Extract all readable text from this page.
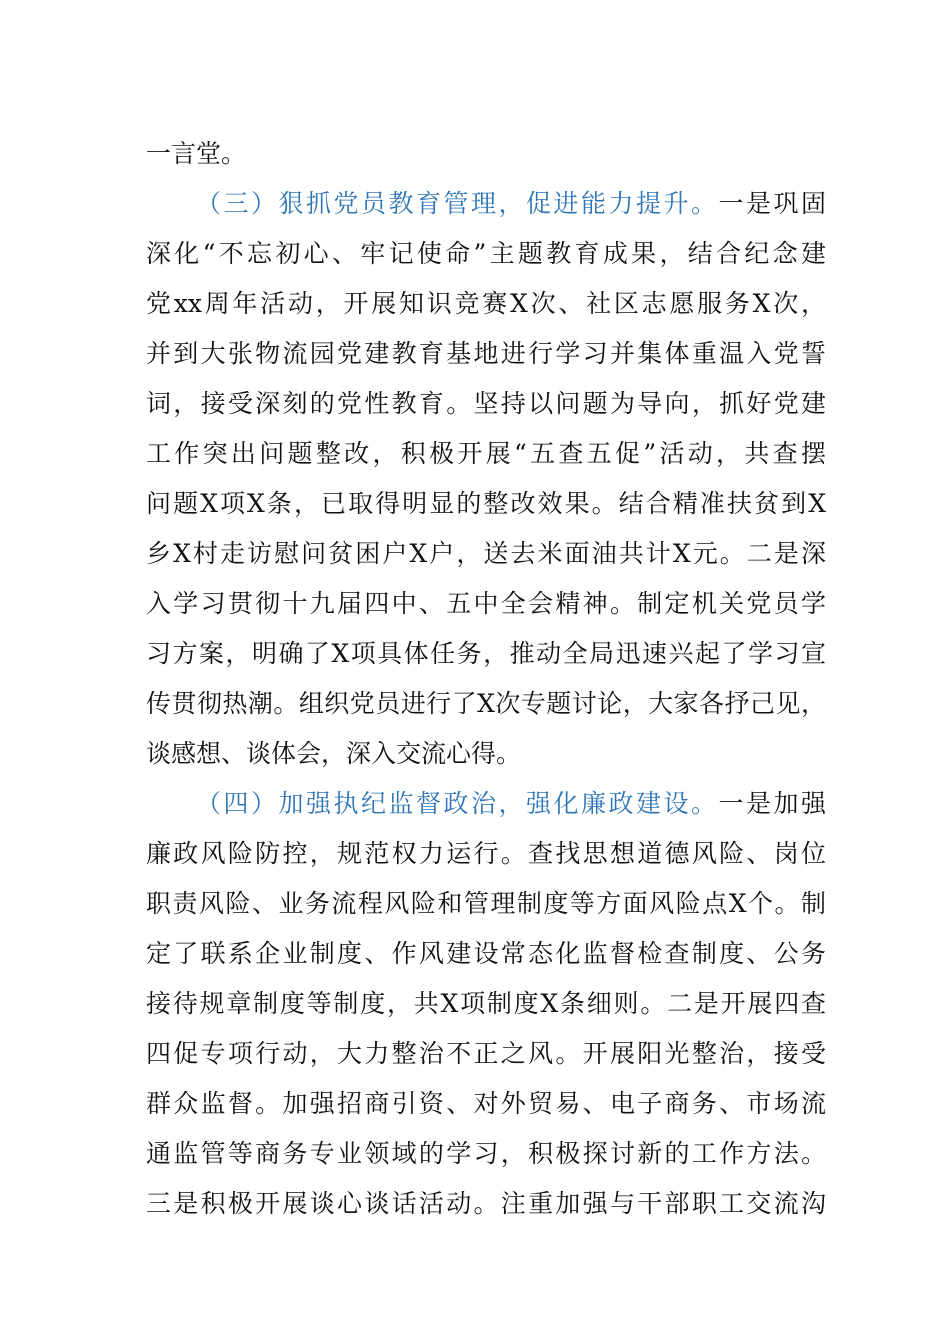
一言堂。
（三）狠抓党员教育管理，促进能力提升。一是巩固
深化“不忘初心、牢记使命”主题教育成果，结合纪念建
党xx周年活动，开展知识竞赛X次、社区志愿服务X次，
并到大张物流园党建教育基地进行学习并集体重温入党誓
词，接受深刻的党性教育。坚持以问题为导向，抓好党建
工作突出问题整改，积极开展“五查五促”活动，共查摆
问题X项X条，已取得明显的整改效果。结合精准扶贫到X
乡X村走访慰问贫困户X户，送去米面油共计X元。二是深
入学习贯彻十九届四中、五中全会精神。制定机关党员学
习方案，明确了X项具体任务，推动全局迅速兴起了学习宣
传贯彻热潮。组织党员进行了X次专题讨论，大家各抒己见，
谈感想、谈体会，深入交流心得。
（四）加强执纪监督政治，强化廉政建设。一是加强
廉政风险防控，规范权力运行。查找思想道德风险、岗位
职责风险、业务流程风险和管理制度等方面风险点X个。制
定了联系企业制度、作风建设常态化监督检查制度、公务
接待规章制度等制度，共X项制度X条细则。二是开展四查
四促专项行动，大力整治不正之风。开展阳光整治，接受
群众监督。加强招商引资、对外贸易、电子商务、市场流
通监管等商务专业领域的学习，积极探讨新的工作方法。
三是积极开展谈心谈话活动。注重加强与干部职工交流沟
